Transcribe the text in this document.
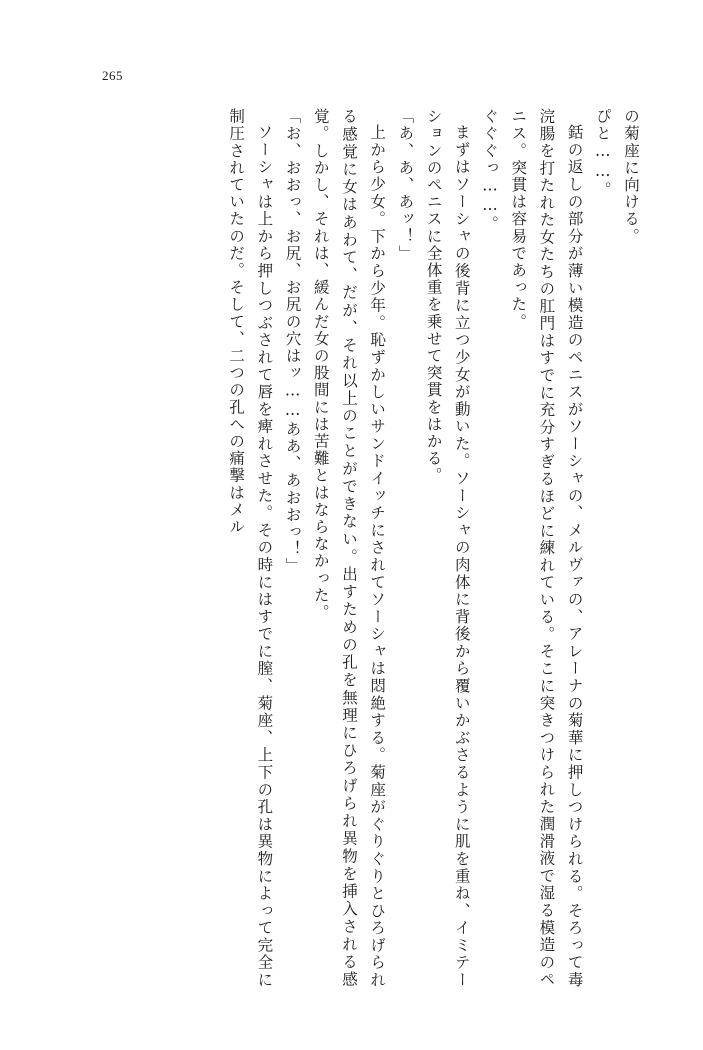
265

の菊座に向ける。

ぴと……。

銛の返しの部分が薄い模造のペニスがソーシャの、メルヴァの、アレーナの菊華に押しつけられる。そろって毒浣腸を打たれた女たちの肛門はすでに充分すぎるほどに練れている。そこに突きつけられた潤滑液で湿る模造のペニス。突貫は容易であった。

ぐぐぐっ……。

まずはソーシャの後背に立つ少女が動いた。ソーシャの肉体に背後から覆いかぶさるように肌を重ね、イミテーションのペニスに全体重を乗せて突貫をはかる。

「あ、あ、あッ！」

上から少女。下から少年。恥ずかしいサンドイッチにされてソーシャは悶絶する。菊座がぐりぐりとひろげられる感覚に女はあわて、だが、それ以上のことができない。出すための孔を無理にひろげられ異物を挿入される感覚。しかし、それは、緩んだ女の股間には苦難とはならなかった。

「お、おおっ、お尻、お尻の穴はッ……ああ、あおおっ！」

ソーシャは上から押しつぶされて唇を痺れさせた。その時にはすでに膣、菊座、上下の孔は異物によって完全に制圧されていたのだ。そして、二つの孔への痛撃はメル
